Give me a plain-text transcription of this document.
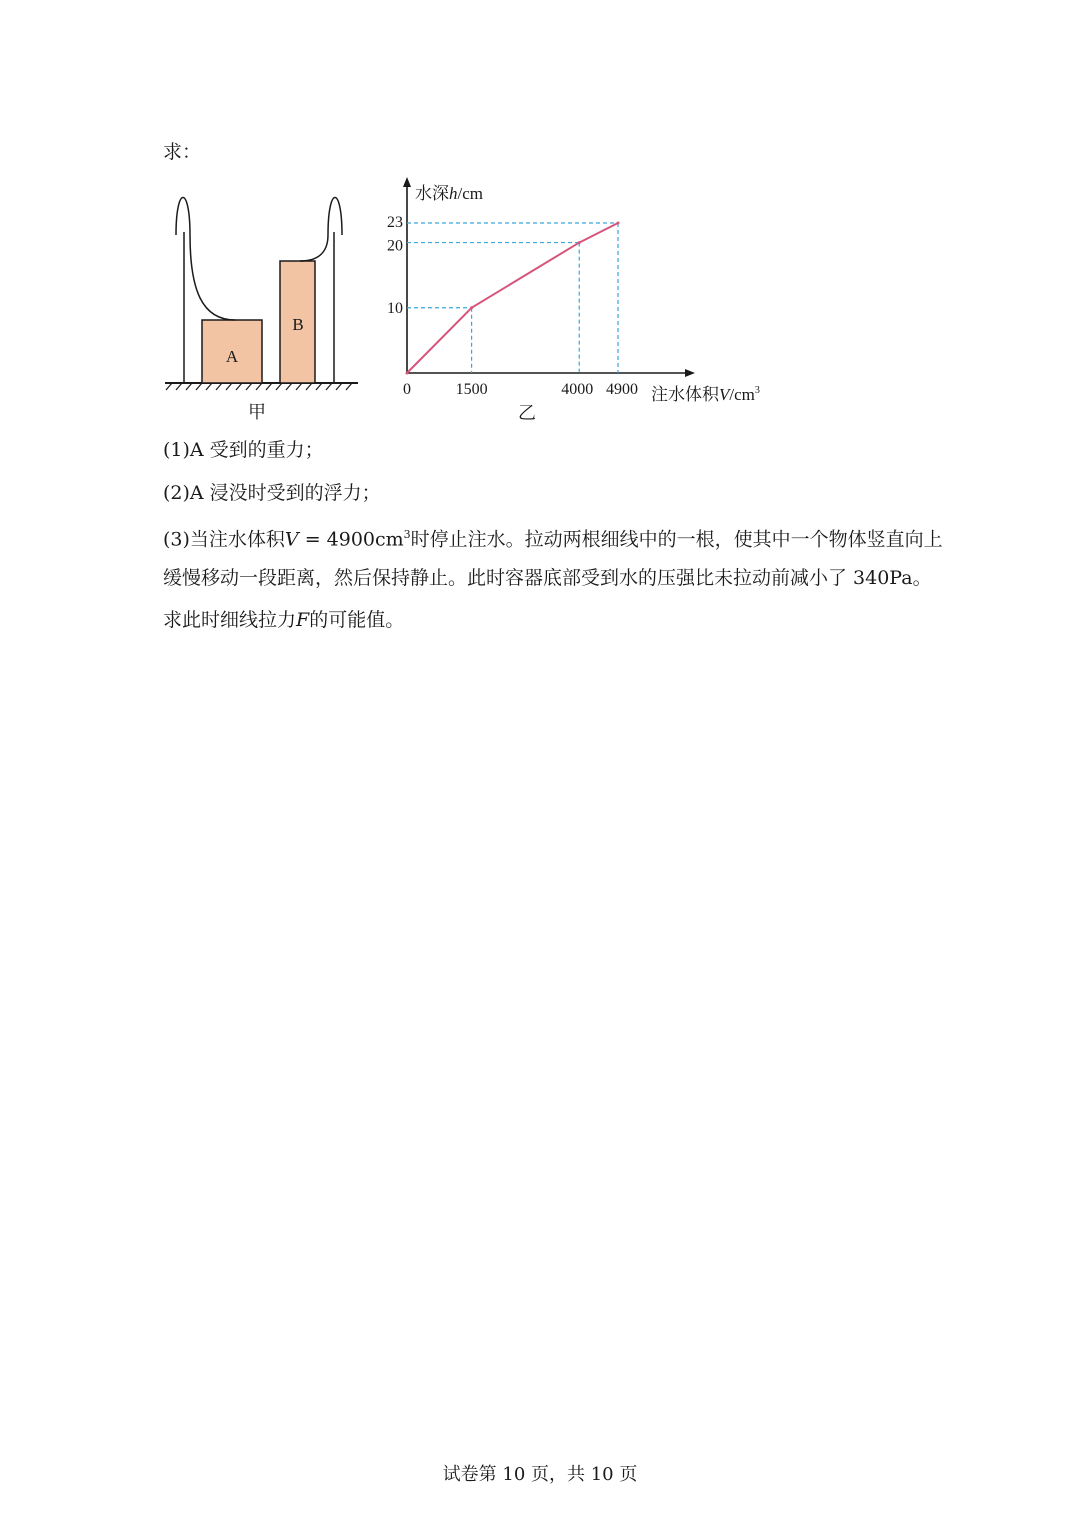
求：
A
B
甲
0	1500	4000 4900
10
20
23
水深h/cm
注水体积$V/cm^3$
乙
(1)A 受到的重力；
(2)A 浸没时受到的浮力；
(3)当注水体积$V = 4900cm^3$时停止注水。拉动两根细线中的一根，使其中一个物体竖直向上
缓慢移动一段距离，然后保持静止。此时容器底部受到水的压强比未拉动前减小了 340Pa。
求此时细线拉力F的可能值。
试卷第 10 页，共 10 页
